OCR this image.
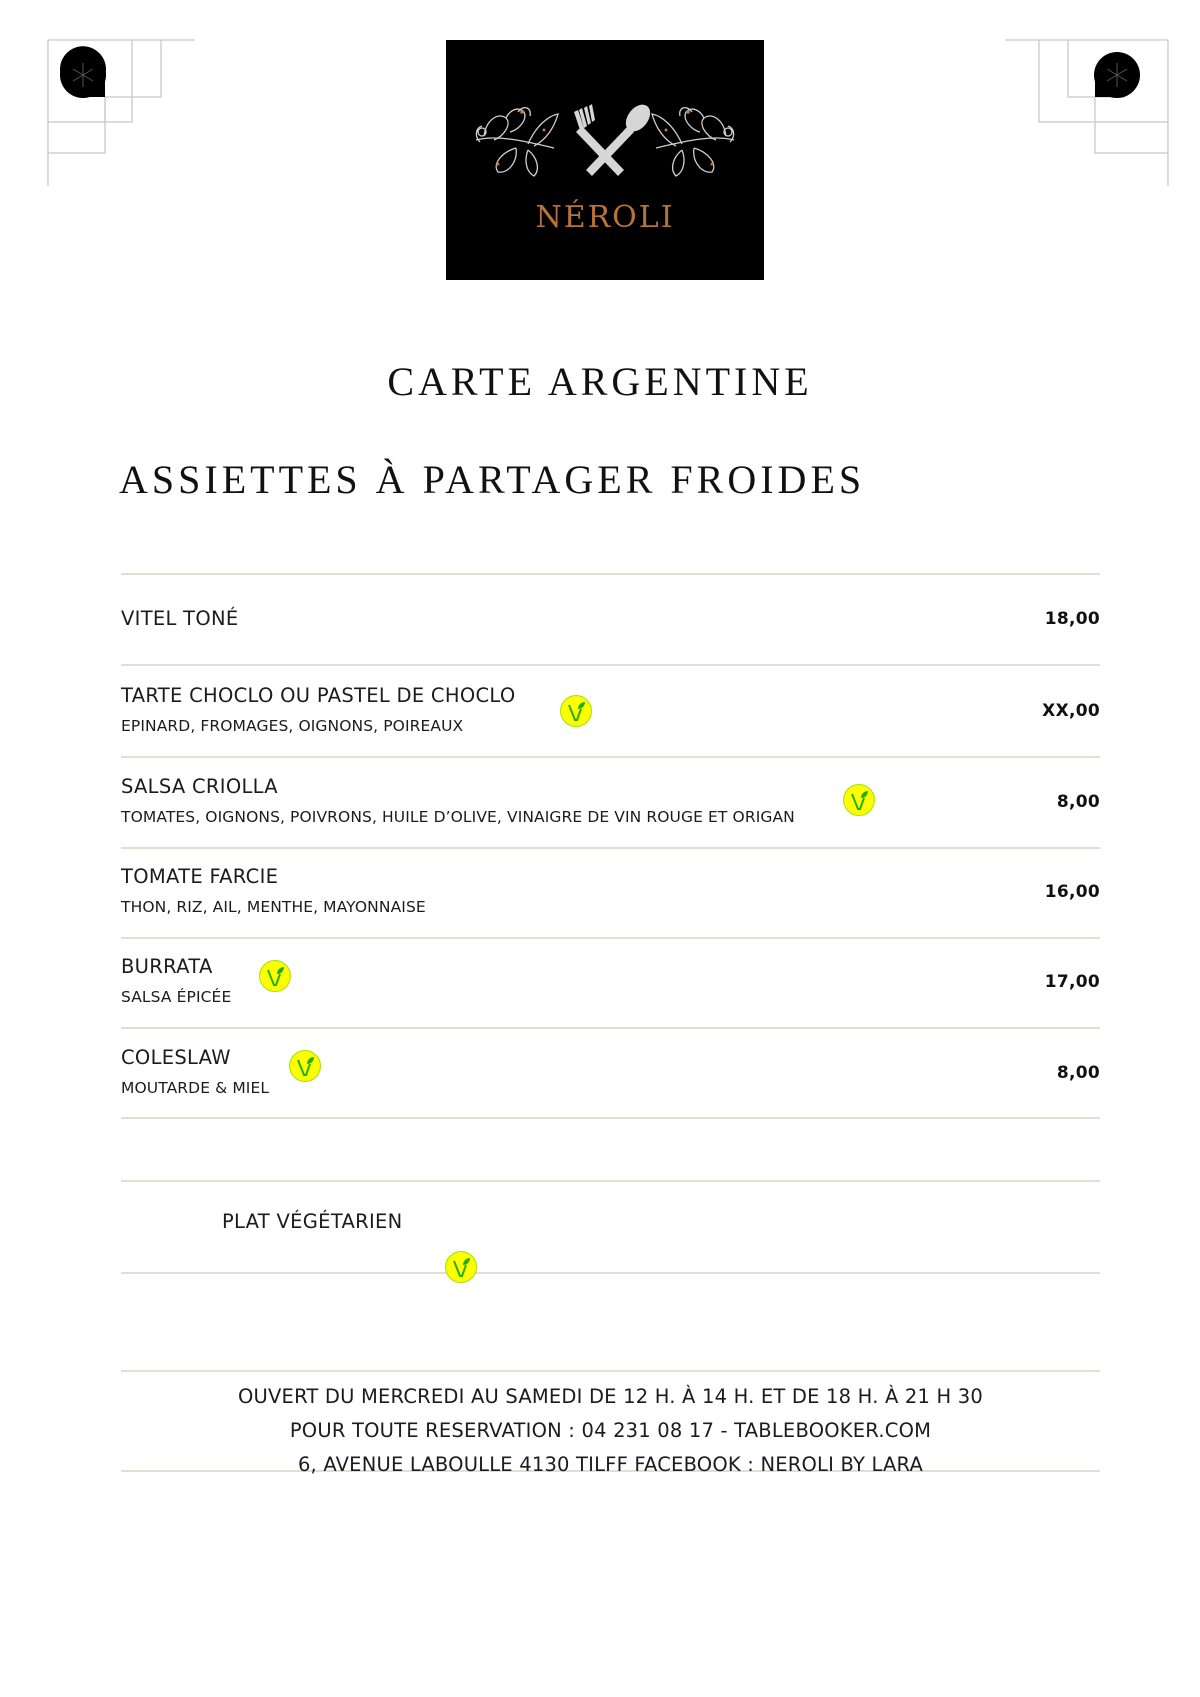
NÉROLI
CARTE ARGENTINE
ASSIETTES À PARTAGER FROIDES
VITEL TONÉ	18,00
TARTE CHOCLO OU PASTEL DE CHOCLO
EPINARD, FROMAGES, OIGNONS, POIREAUX
XX,00
SALSA CRIOLLA
TOMATES, OIGNONS, POIVRONS, HUILE D’OLIVE, VINAIGRE DE VIN ROUGE ET ORIGAN
8,00
TOMATE FARCIE
THON, RIZ, AIL, MENTHE, MAYONNAISE
16,00
BURRATA
SALSA ÉPICÉE
17,00
COLESLAW
MOUTARDE & MIEL
8,00
PLAT VÉGÉTARIEN
OUVERT DU MERCREDI AU SAMEDI DE 12 H. À 14 H. ET DE 18 H. À 21 H 30
POUR TOUTE RESERVATION : 04 231 08 17 - TABLEBOOKER.COM
6, AVENUE LABOULLE 4130 TILFF FACEBOOK : NEROLI BY LARA
